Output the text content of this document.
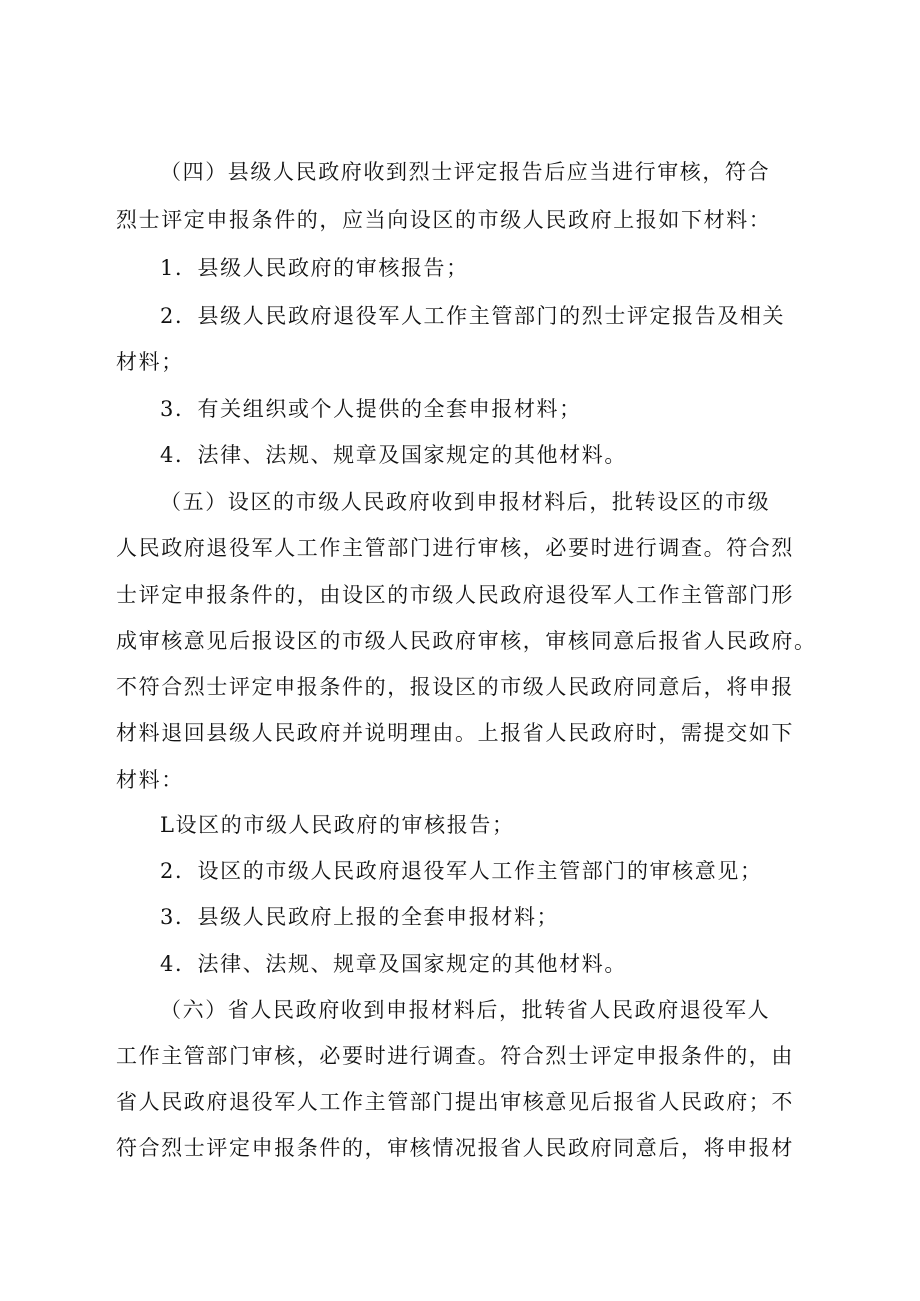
（四）县级人民政府收到烈士评定报告后应当进行审核，符合
烈士评定申报条件的，应当向设区的市级人民政府上报如下材料：
1．县级人民政府的审核报告；
2．县级人民政府退役军人工作主管部门的烈士评定报告及相关
材料；
3．有关组织或个人提供的全套申报材料；
4．法律、法规、规章及国家规定的其他材料。
（五）设区的市级人民政府收到申报材料后，批转设区的市级
人民政府退役军人工作主管部门进行审核，必要时进行调查。符合烈
士评定申报条件的，由设区的市级人民政府退役军人工作主管部门形
成审核意见后报设区的市级人民政府审核，审核同意后报省人民政府。
不符合烈士评定申报条件的，报设区的市级人民政府同意后，将申报
材料退回县级人民政府并说明理由。上报省人民政府时，需提交如下
材料：
L设区的市级人民政府的审核报告；
2．设区的市级人民政府退役军人工作主管部门的审核意见；
3．县级人民政府上报的全套申报材料；
4．法律、法规、规章及国家规定的其他材料。
（六）省人民政府收到申报材料后，批转省人民政府退役军人
工作主管部门审核，必要时进行调查。符合烈士评定申报条件的，由
省人民政府退役军人工作主管部门提出审核意见后报省人民政府；不
符合烈士评定申报条件的，审核情况报省人民政府同意后，将申报材
